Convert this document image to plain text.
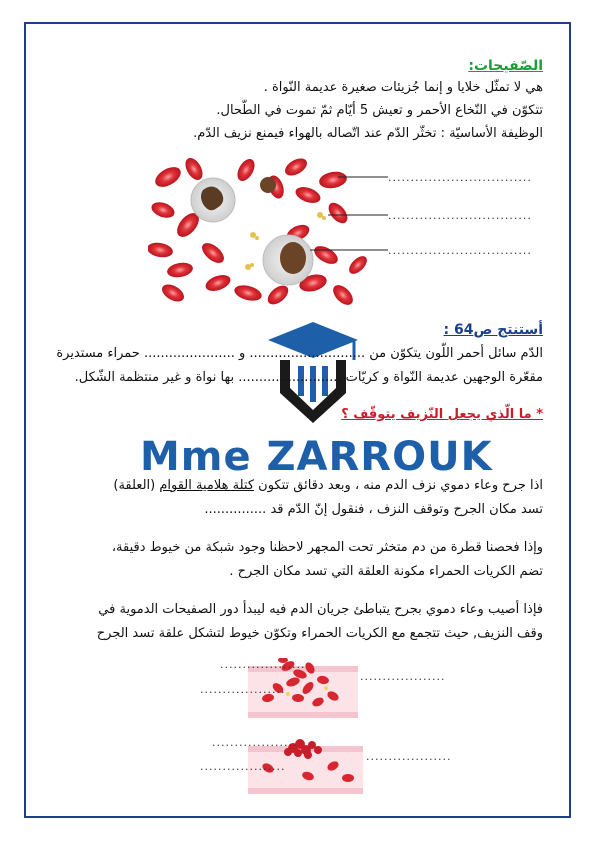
الصّفيحات:
هي لا تمثّل خلايا و إنما جُزيئات صغيرة عديمة النّواة .
تتكوّن في النّخاع الأحمر و تعيش 5 أيّام ثمّ تموت في الطّحال.
الوظيفة الأساسيّة : تخثّر الدّم عند اتّصاله بالهواء فيمنع نزيف الدّم.
................................
................................
................................
أستنتج ص64 :
الدّم سائل أحمر اللّون يتكوّن من ............................ و ...................... حمراء مستديرة
مقعّرة الوجهين عديمة النّواة و كريّات ......................... بها نواة و غير منتظمة الشّكل.
* ما الّذي يجعل النّزيف يتوقّف ؟
Mme ZARROUK
اذا جرح وعاء دموي نزف الدم منه ، وبعد دقائق تتكون كتلة هلامية القوام (العلقة)
تسد مكان الجرح وتوقف النزف ، فنقول إنّ الدّم قد ...............
وإذا فحصنا قطرة من دم متخثر تحت المجهر لاحظنا وجود شبكة من خيوط دقيقة،
تضم الكريات الحمراء مكونة العلقة التي تسد مكان الجرح .
فإذا أصيب وعاء دموي بجرح يتباطئ جريان الدم فيه ليبدأ دور الصفيحات الدموية في
وقف النزيف, حيث تتجمع مع الكريات الحمراء وتكوّن خيوط لتشكل علقة تسد الجرح
...................
...................
...................
...................
...................
...................
